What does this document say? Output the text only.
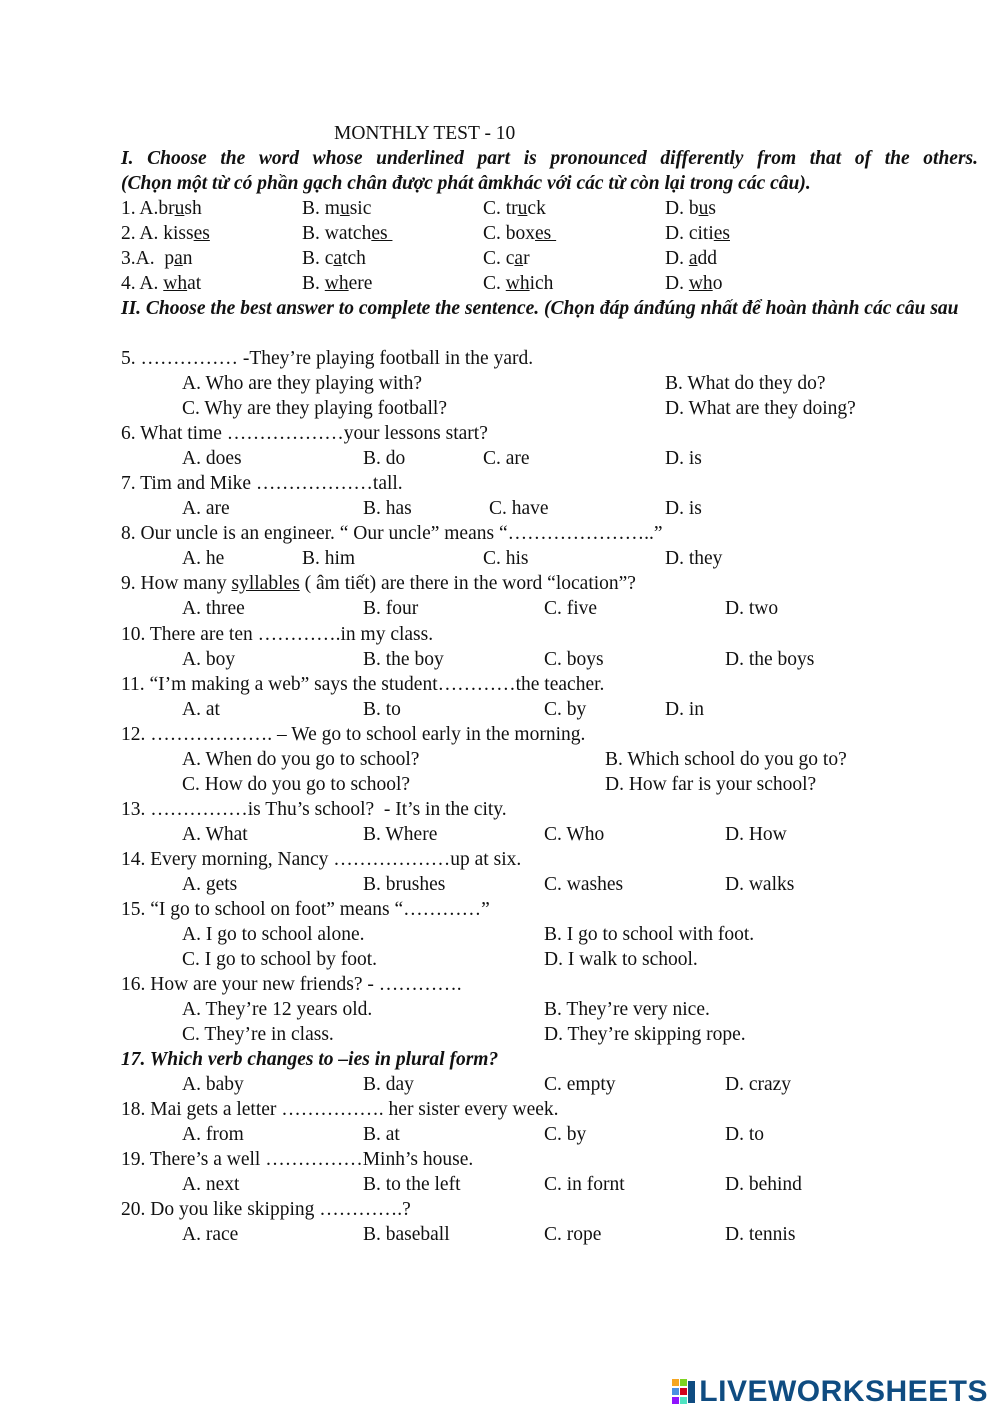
MONTHLY TEST - 10
I. Choose the word whose underlined part is pronounced differently from that of the others.
(Chọn một từ có phần gạch chân được phát âmkhác với các từ còn lại trong các câu).
1. A.brush	B. music	C. truck	D. bus
2. A. kisses	B. watches	C. boxes	D. cities
3.A.  pan	B. catch	C. car	D. add
4. A. what	B. where	C. which	D. who
II. Choose the best answer to complete the sentence. (Chọn đáp ánđúng nhất để hoàn thành các câu sau
5. …………… -They’re playing football in the yard.
A. Who are they playing with?	B. What do they do?
C. Why are they playing football?	D. What are they doing?
6. What time ………………your lessons start?
A. does	B. do	C. are	D. is
7. Tim and Mike ………………tall.
A. are	B. has	C. have	D. is
8. Our uncle is an engineer. “ Our uncle” means “…………………..”
A. he	B. him	C. his	D. they
9. How many syllables ( âm tiết) are there in the word “location”?
A. three	B. four	C. five	D. two
10. There are ten ………….in my class.
A. boy	B. the boy	C. boys	D. the boys
11. “I’m making a web” says the student…………the teacher.
A. at	B. to	C. by	D. in
12. ………………. – We go to school early in the morning.
A. When do you go to school?	B. Which school do you go to?
C. How do you go to school?	D. How far is your school?
13. ……………is Thu’s school?  - It’s in the city.
A. What	B. Where	C. Who	D. How
14. Every morning, Nancy ………………up at six.
A. gets	B. brushes	C. washes	D. walks
15. “I go to school on foot” means “…………”
A. I go to school alone.	B. I go to school with foot.
C. I go to school by foot.	D. I walk to school.
16. How are your new friends? - ………….
A. They’re 12 years old.	B. They’re very nice.
C. They’re in class.	D. They’re skipping rope.
17. Which verb changes to –ies in plural form?
A. baby	B. day	C. empty	D. crazy
18. Mai gets a letter ……………. her sister every week.
A. from	B. at	C. by	D. to
19. There’s a well ……………Minh’s house.
A. next	B. to the left	C. in fornt	D. behind
20. Do you like skipping ………….?
A. race	B. baseball	C. rope	D. tennis
LIVEWORKSHEETS
